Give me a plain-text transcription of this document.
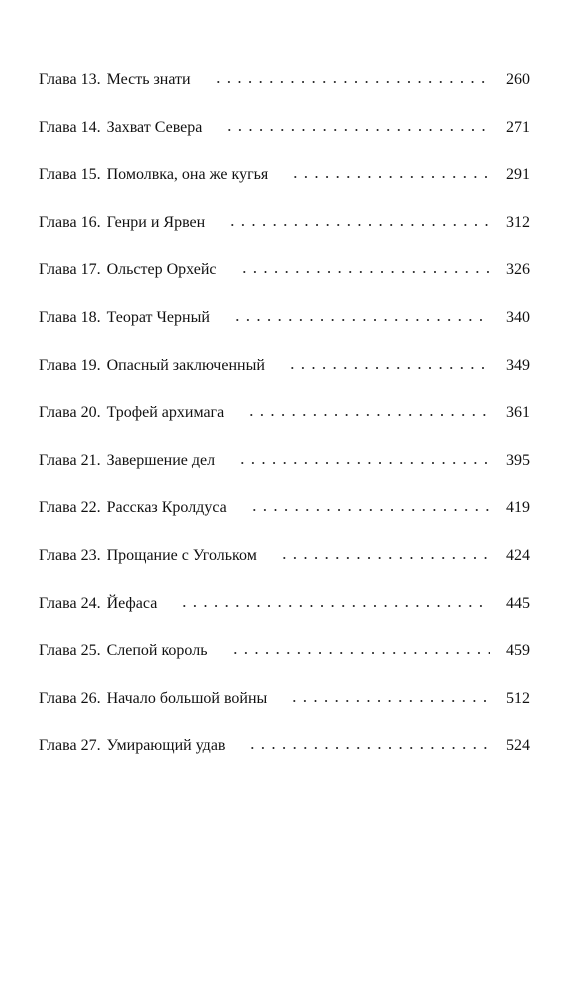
Глава 13. Месть знати	260
Глава 14. Захват Севера	271
Глава 15. Помолвка, она же кугья	291
Глава 16. Генри и Ярвен	312
Глава 17. Ольстер Орхейс	326
Глава 18. Теорат Черный	340
Глава 19. Опасный заключенный	349
Глава 20. Трофей архимага	361
Глава 21. Завершение дел	395
Глава 22. Рассказ Кролдуса	419
Глава 23. Прощание с Угольком	424
Глава 24. Йефаса	445
Глава 25. Слепой король	459
Глава 26. Начало большой войны	512
Глава 27. Умирающий удав	524
